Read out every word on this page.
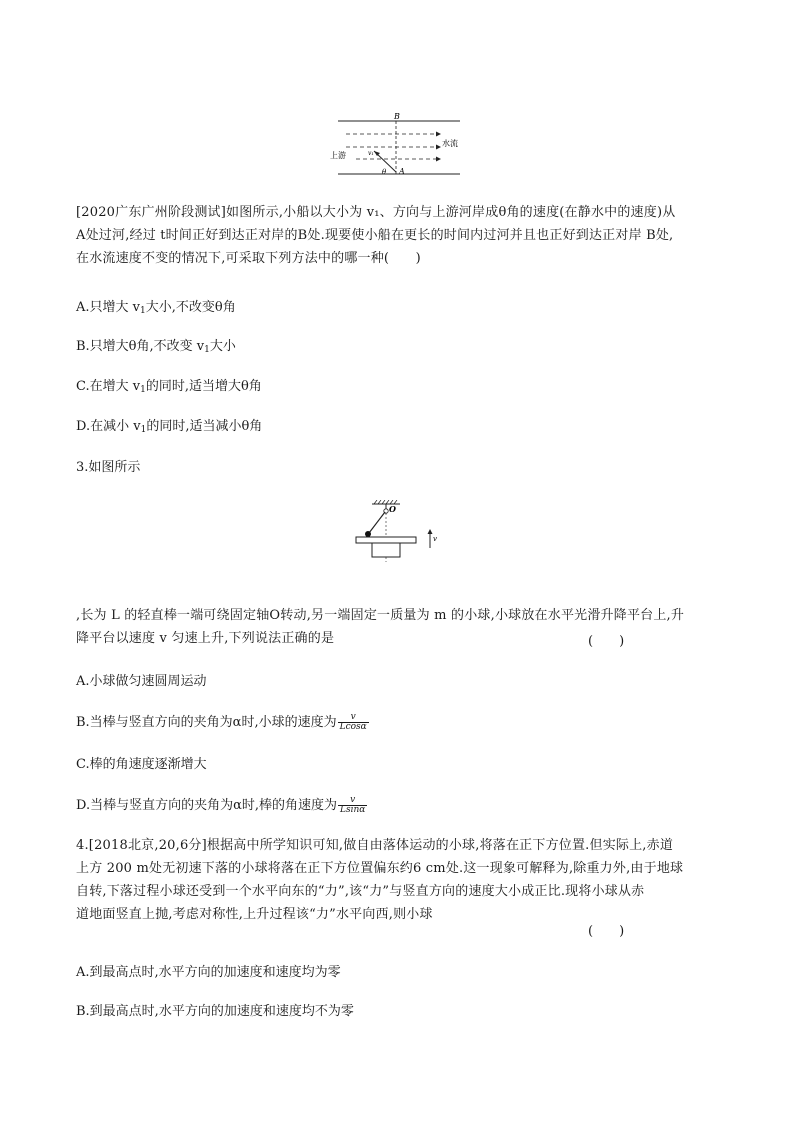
B
A
θ
v₁
上游
水流
[2020广东广州阶段测试]如图所示,小船以大小为 v₁、方向与上游河岸成θ角的速度(在静水中的速度)从
A处过河,经过 t时间正好到达正对岸的B处.现要使小船在更长的时间内过河并且也正好到达正对岸 B处,
在水流速度不变的情况下,可采取下列方法中的哪一种(　　)
A.只增大 $v_1$大小,不改变θ角
B.只增大θ角,不改变 $v_1$大小
C.在增大 $v_1$的同时,适当增大θ角
D.在减小 $v_1$的同时,适当减小θ角
3.如图所示
O
v
,长为 L 的轻直棒一端可绕固定轴O转动,另一端固定一质量为 m 的小球,小球放在水平光滑升降平台上,升
降平台以速度 v 匀速上升,下列说法正确的是	(　　)
A.小球做匀速圆周运动
B.当棒与竖直方向的夹角为α时,小球的速度为 $\frac{v}{Lcos\alpha}$
C.棒的角速度逐渐增大
D.当棒与竖直方向的夹角为α时,棒的角速度为 $\frac{v}{Lsin\alpha}$
4.[2018北京,20,6分]根据高中所学知识可知,做自由落体运动的小球,将落在正下方位置.但实际上,赤道
上方 200 m处无初速下落的小球将落在正下方位置偏东约6 cm处.这一现象可解释为,除重力外,由于地球
自转,下落过程小球还受到一个水平向东的“力”,该“力”与竖直方向的速度大小成正比.现将小球从赤
道地面竖直上抛,考虑对称性,上升过程该“力”水平向西,则小球
(　　)
A.到最高点时,水平方向的加速度和速度均为零
B.到最高点时,水平方向的加速度和速度均不为零
